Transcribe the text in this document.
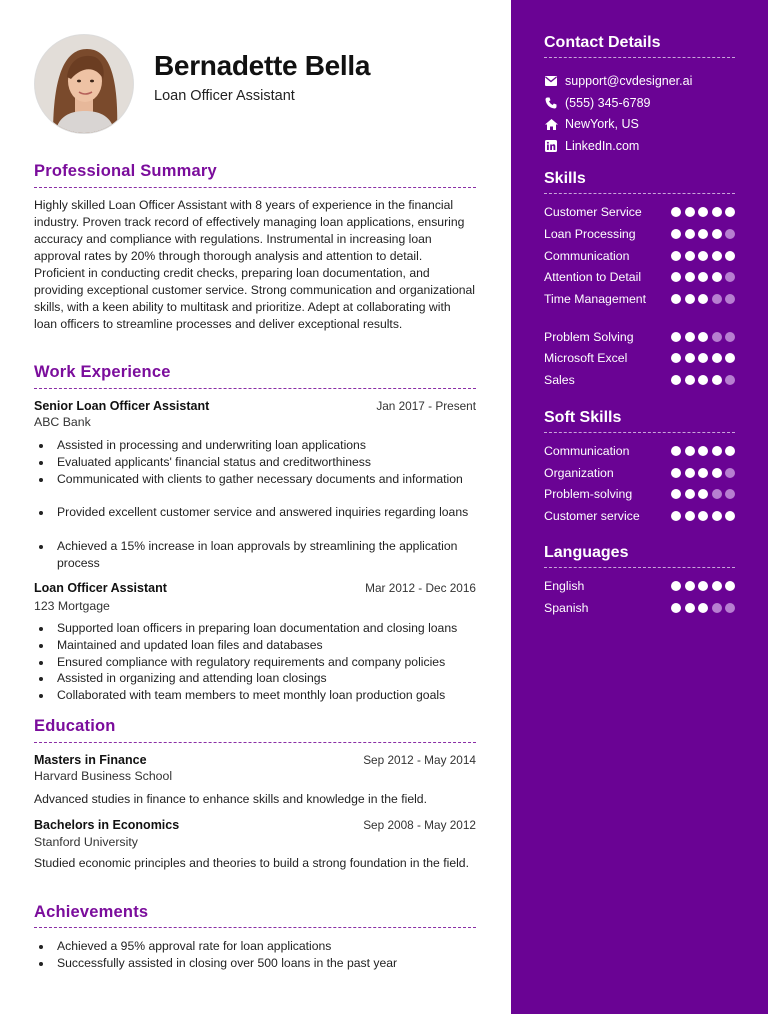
Bernadette Bella
Loan Officer Assistant
Professional Summary
Highly skilled Loan Officer Assistant with 8 years of experience in the financial industry. Proven track record of effectively managing loan applications, ensuring accuracy and compliance with regulations. Instrumental in increasing loan approval rates by 20% through thorough analysis and attention to detail. Proficient in conducting credit checks, preparing loan documentation, and providing exceptional customer service. Strong communication and organizational skills, with a keen ability to multitask and prioritize. Adept at collaborating with loan officers to streamline processes and deliver exceptional results.
Work Experience
Senior Loan Officer Assistant	Jan 2017 - Present
ABC Bank
Assisted in processing and underwriting loan applications
Evaluated applicants' financial status and creditworthiness
Communicated with clients to gather necessary documents and information
Provided excellent customer service and answered inquiries regarding loans
Achieved a 15% increase in loan approvals by streamlining the application process
Loan Officer Assistant	Mar 2012 - Dec 2016
123 Mortgage
Supported loan officers in preparing loan documentation and closing loans
Maintained and updated loan files and databases
Ensured compliance with regulatory requirements and company policies
Assisted in organizing and attending loan closings
Collaborated with team members to meet monthly loan production goals
Education
Masters in Finance	Sep 2012 - May 2014
Harvard Business School
Advanced studies in finance to enhance skills and knowledge in the field.
Bachelors in Economics	Sep 2008 - May 2012
Stanford University
Studied economic principles and theories to build a strong foundation in the field.
Achievements
Achieved a 95% approval rate for loan applications
Successfully assisted in closing over 500 loans in the past year
Contact Details
support@cvdesigner.ai
(555) 345-6789
NewYork, US
LinkedIn.com
Skills
Customer Service
Loan Processing
Communication
Attention to Detail
Time Management
Problem Solving
Microsoft Excel
Sales
Soft Skills
Communication
Organization
Problem-solving
Customer service
Languages
English
Spanish
